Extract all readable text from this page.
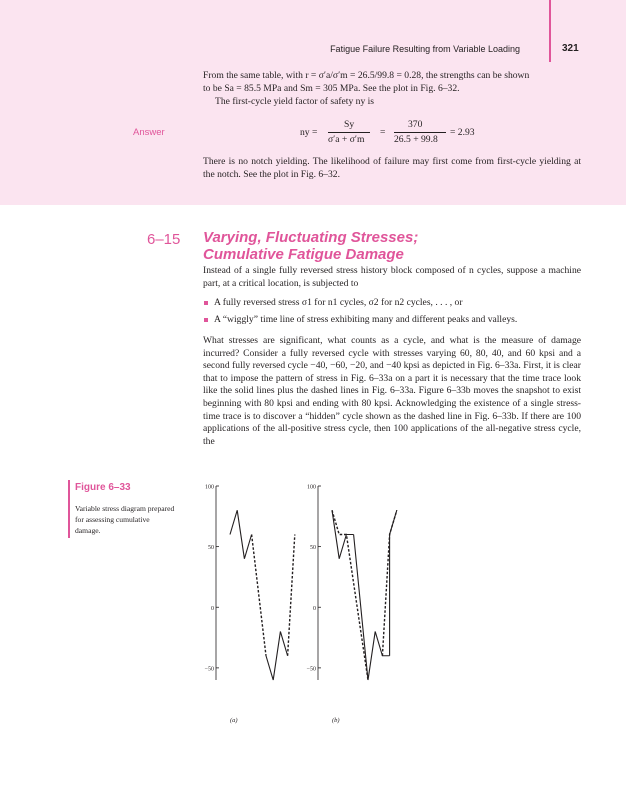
Fatigue Failure Resulting from Variable Loading	321
From the same table, with r = σ′a/σ′m = 26.5/99.8 = 0.28, the strengths can be shown
to be Sa = 85.5 MPa and Sm = 305 MPa. See the plot in Fig. 6–32.
The first-cycle yield factor of safety ny is
Answer	ny =
Sy
σ′a + σ′m
=
370
26.5 + 99.8
= 2.93
There is no notch yielding. The likelihood of failure may first come from first-cycle yielding at the notch. See the plot in Fig. 6–32.
6–15 Varying, Fluctuating Stresses;
Cumulative Fatigue Damage
Instead of a single fully reversed stress history block composed of n cycles, suppose a machine part, at a critical location, is subjected to
A fully reversed stress σ1 for n1 cycles, σ2 for n2 cycles, . . . , or
A “wiggly” time line of stress exhibiting many and different peaks and valleys.
What stresses are significant, what counts as a cycle, and what is the measure of damage incurred? Consider a fully reversed cycle with stresses varying 60, 80, 40, and 60 kpsi and a second fully reversed cycle −40, −60, −20, and −40 kpsi as depicted in Fig. 6–33a. First, it is clear that to impose the pattern of stress in Fig. 6–33a on a part it is necessary that the time trace look like the solid lines plus the dashed lines in Fig. 6–33a. Figure 6–33b moves the snapshot to exist beginning with 80 kpsi and ending with 80 kpsi. Acknowledging the existence of a single stress-time trace is to discover a “hidden” cycle shown as the dashed line in Fig. 6–33b. If there are 100 applications of the all-positive stress cycle, then 100 applications of the all-negative stress cycle, the
Figure 6–33
Variable stress diagram prepared for assessing cumulative damage.
100
50
0
−50
(a)
100
50
0
−50
(b)
